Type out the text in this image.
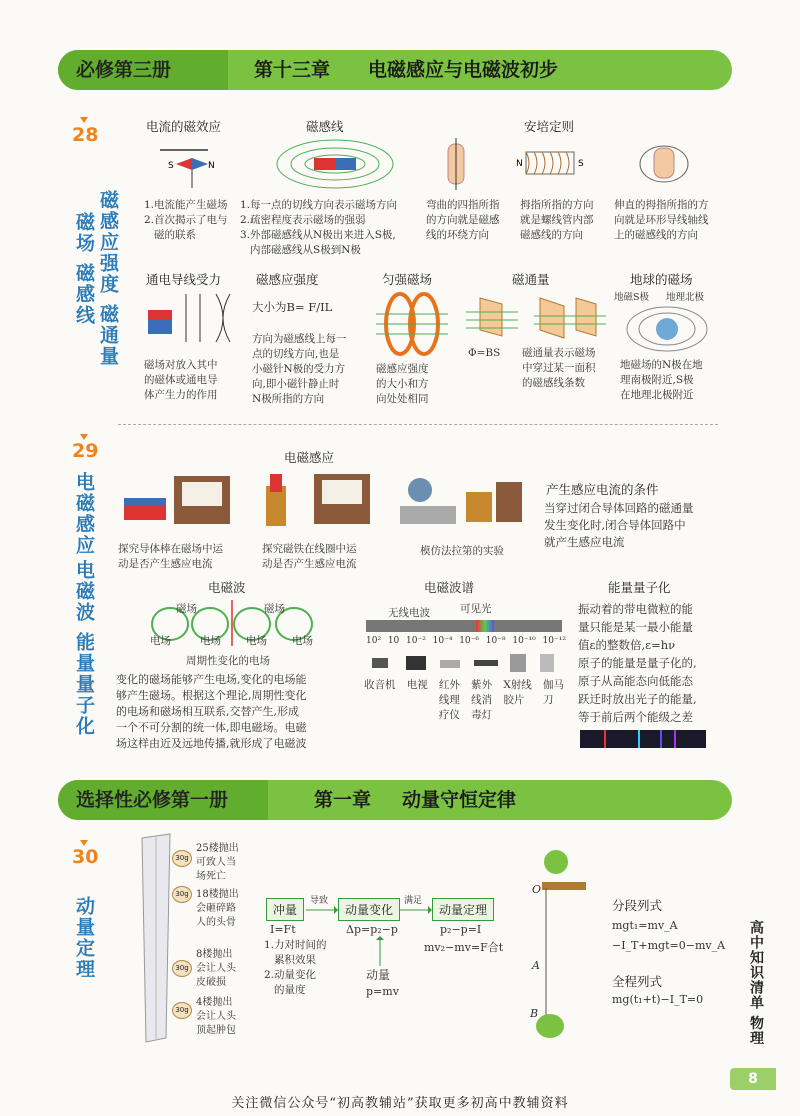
必修第三册	第十三章 电磁感应与电磁波初步
28
磁场 磁感线 磁感应强度 磁通量
电流的磁效应
S	N
1.电流能产生磁场
2.首次揭示了电与
磁的联系
磁感线
1.每一点的切线方向表示磁场方向
2.疏密程度表示磁场的强弱
3.外部磁感线从N极出来进入S极,
内部磁感线从S极到N极
安培定则
N	S
弯曲的四指所指
的方向就是磁感
线的环绕方向
拇指所指的方向
就是螺线管内部
磁感线的方向
伸直的拇指所指的方
向就是环形导线轴线
上的磁感线的方向
通电导线受力
磁场对放入其中
的磁体或通电导
体产生力的作用
磁感应强度
大小为B= F/IL
方向为磁感线上每一
点的切线方向,也是
小磁针N极的受力方
向,即小磁针静止时
N极所指的方向
匀强磁场
磁感应强度
的大小和方
向处处相同
磁通量
Φ=BS 磁通量表示磁场
中穿过某一面积
的磁感线条数
地球的磁场
地磁S极 地理北极
地磁场的N极在地
理南极附近,S极
在地理北极附近
29
电磁感应
电磁波
能量量子化
电磁感应
探究导体棒在磁场中运
动是否产生感应电流
探究磁铁在线圈中运
动是否产生感应电流
模仿法拉第的实验
产生感应电流的条件
当穿过闭合导体回路的磁通量
发生变化时,闭合导体回路中
就产生感应电流
电磁波
磁场	磁场
电场	电场 电场 电场
周期性变化的电场
变化的磁场能够产生电场,变化的电场能
够产生磁场。根据这个理论,周期性变化
的电场和磁场相互联系,交替产生,形成
一个不可分割的统一体,即电磁场。电磁
场这样由近及远地传播,就形成了电磁波
电磁波谱
无线电波	可见光
10² 10 10⁻² 10⁻⁴ 10⁻⁶ 10⁻⁸ 10⁻¹⁰ 10⁻¹²
收音机 电视 红外
线理
疗仪
紫外
线消
毒灯
X射线
胶片
伽马
刀
能量量子化
振动着的带电微粒的能
量只能是某一最小能量
值ε的整数倍,ε=hν
原子的能量是量子化的,
原子从高能态向低能态
跃迁时放出光子的能量,
等于前后两个能级之差
选择性必修第一册	第一章 动量守恒定律
30
动量定理
30g
30g
30g
30g
25楼抛出
可致人当
场死亡
18楼抛出
会砸碎路
人的头骨
8楼抛出
会让人头
皮破损
4楼抛出
会让人头
顶起肿包
冲量
导致
动量变化
满足
动量定理
I=Ft	Δp=p₂−p	p₂−p=I
mv₂−mv=F合t
1.力对时间的
累积效果
2.动量变化
的量度
动量
p=mv
O
A
B
分段列式
mgt₁=mv_A
−I_T+mgt=0−mv_A
全程列式
mg(t₁+t)−I_T=0	高中知识清单 物理
8
关注微信公众号“初高教辅站”获取更多初高中教辅资料
